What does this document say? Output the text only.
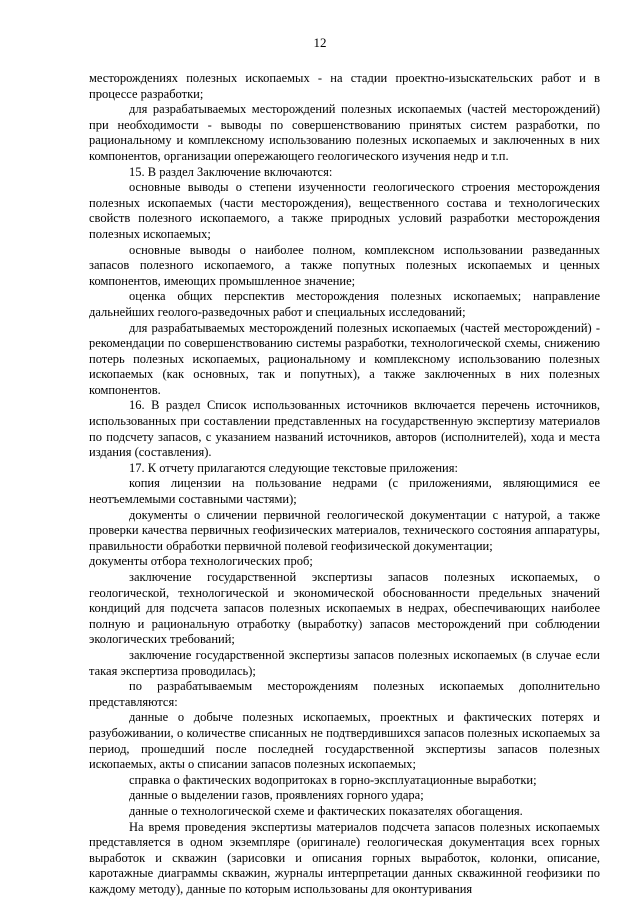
12

месторождениях полезных ископаемых - на стадии проектно-изыскательских работ и в процессе разработки;

для разрабатываемых месторождений полезных ископаемых (частей месторождений) при необходимости - выводы по совершенствованию принятых систем разработки, по рациональному и комплексному использованию полезных ископаемых и заключенных в них компонентов, организации опережающего геологического изучения недр и т.п.

15. В раздел Заключение включаются:

основные выводы о степени изученности геологического строения месторождения полезных ископаемых (части месторождения), вещественного состава и технологических свойств полезного ископаемого, а также природных условий разработки месторождения полезных ископаемых;

основные выводы о наиболее полном, комплексном использовании разведанных запасов полезного ископаемого, а также попутных полезных ископаемых и ценных компонентов, имеющих промышленное значение;

оценка общих перспектив месторождения полезных ископаемых; направление дальнейших геолого-разведочных работ и специальных исследований;

для разрабатываемых месторождений полезных ископаемых (частей месторождений) - рекомендации по совершенствованию системы разработки, технологической схемы, снижению потерь полезных ископаемых, рациональному и комплексному использованию полезных ископаемых (как основных, так и попутных), а также заключенных в них полезных компонентов.

16. В раздел Список использованных источников включается перечень источников, использованных при составлении представленных на государственную экспертизу материалов по подсчету запасов, с указанием названий источников, авторов (исполнителей), хода и места издания (составления).

17. К отчету прилагаются следующие текстовые приложения:

копия лицензии на пользование недрами (с приложениями, являющимися ее неотъемлемыми составными частями);

документы о сличении первичной геологической документации с натурой, а также проверки качества первичных геофизических материалов, технического состояния аппаратуры, правильности обработки первичной полевой геофизической документации;

документы отбора технологических проб;

заключение государственной экспертизы запасов полезных ископаемых, о геологической, технологической и экономической обоснованности предельных значений кондиций для подсчета запасов полезных ископаемых в недрах, обеспечивающих наиболее полную и рациональную отработку (выработку) запасов месторождений при соблюдении экологических требований;

заключение государственной экспертизы запасов полезных ископаемых (в случае если такая экспертиза проводилась);

по разрабатываемым месторождениям полезных ископаемых дополнительно представляются:

данные о добыче полезных ископаемых, проектных и фактических потерях и разубоживании, о количестве списанных не подтвердившихся запасов полезных ископаемых за период, прошедший после последней государственной экспертизы запасов полезных ископаемых, акты о списании запасов полезных ископаемых;

справка о фактических водопритоках в горно-эксплуатационные выработки;

данные о выделении газов, проявлениях горного удара;

данные о технологической схеме и фактических показателях обогащения.

На время проведения экспертизы материалов подсчета запасов полезных ископаемых представляется в одном экземпляре (оригинале) геологическая документация всех горных выработок и скважин (зарисовки и описания горных выработок, колонки, описание, каротажные диаграммы скважин, журналы интерпретации данных скважинной геофизики по каждому методу), данные по которым использованы для оконтуривания
